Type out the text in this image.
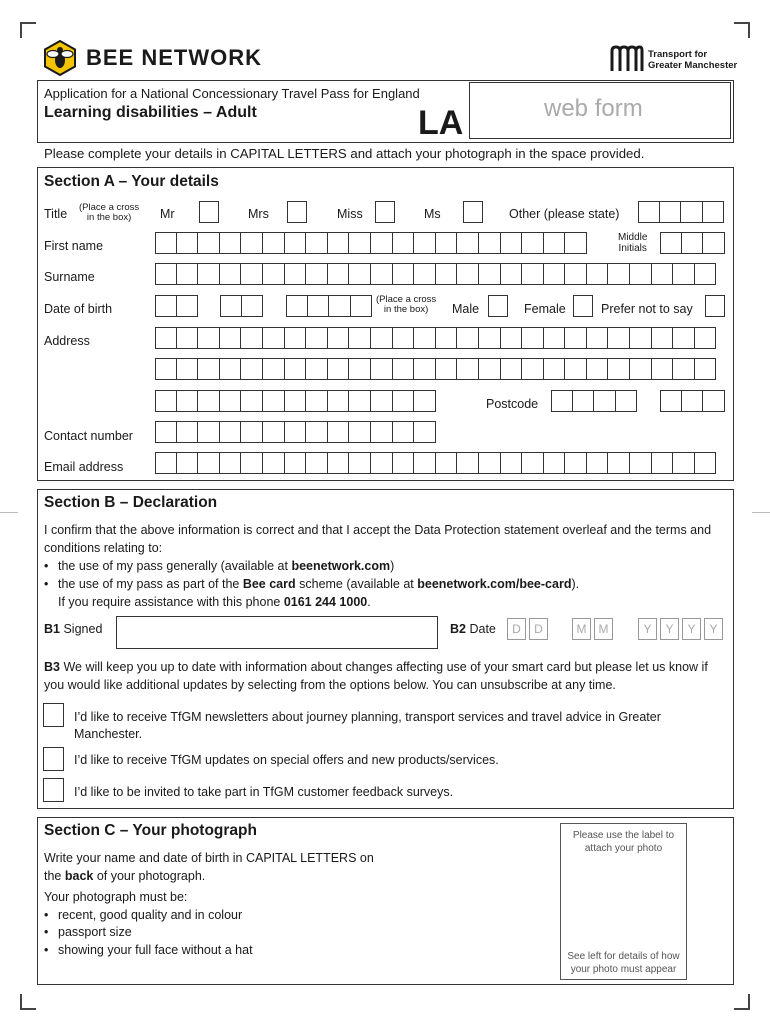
BEE NETWORK	Transport for
Greater Manchester
Application for a National Concessionary Travel Pass for England
Learning disabilities – Adult	LA	web form
Please complete your details in CAPITAL LETTERS and attach your photograph in the space provided.
Section A – Your details
Title (Place a cross
in the box)	Mr	Mrs	Miss	Ms	Other (please state)
First name
Middle
Initials
Surname
Date of birth
(Place a cross
in the box)	Male	Female	Prefer not to say
Address
Postcode
Contact number
Email address
Section B – Declaration
I confirm that the above information is correct and that I accept the Data Protection statement overleaf and the terms and conditions relating to:
• the use of my pass generally (available at beenetwork.com)
• the use of my pass as part of the Bee card scheme (available at beenetwork.com/bee-card).
If you require assistance with this phone 0161 244 1000.
B1 Signed	B2 Date	D	D	M	M	Y	Y	Y	Y
B3 We will keep you up to date with information about changes affecting use of your smart card but please let us know if you would like additional updates by selecting from the options below. You can unsubscribe at any time.
I’d like to receive TfGM newsletters about journey planning, transport services and travel advice in Greater Manchester.
I’d like to receive TfGM updates on special offers and new products/services.
I’d like to be invited to take part in TfGM customer feedback surveys.
Section C – Your photograph
Write your name and date of birth in CAPITAL LETTERS on the back of your photograph.
Your photograph must be:
• recent, good quality and in colour
• passport size
• showing your full face without a hat
Please use the label to
attach your photo
See left for details of how
your photo must appear
